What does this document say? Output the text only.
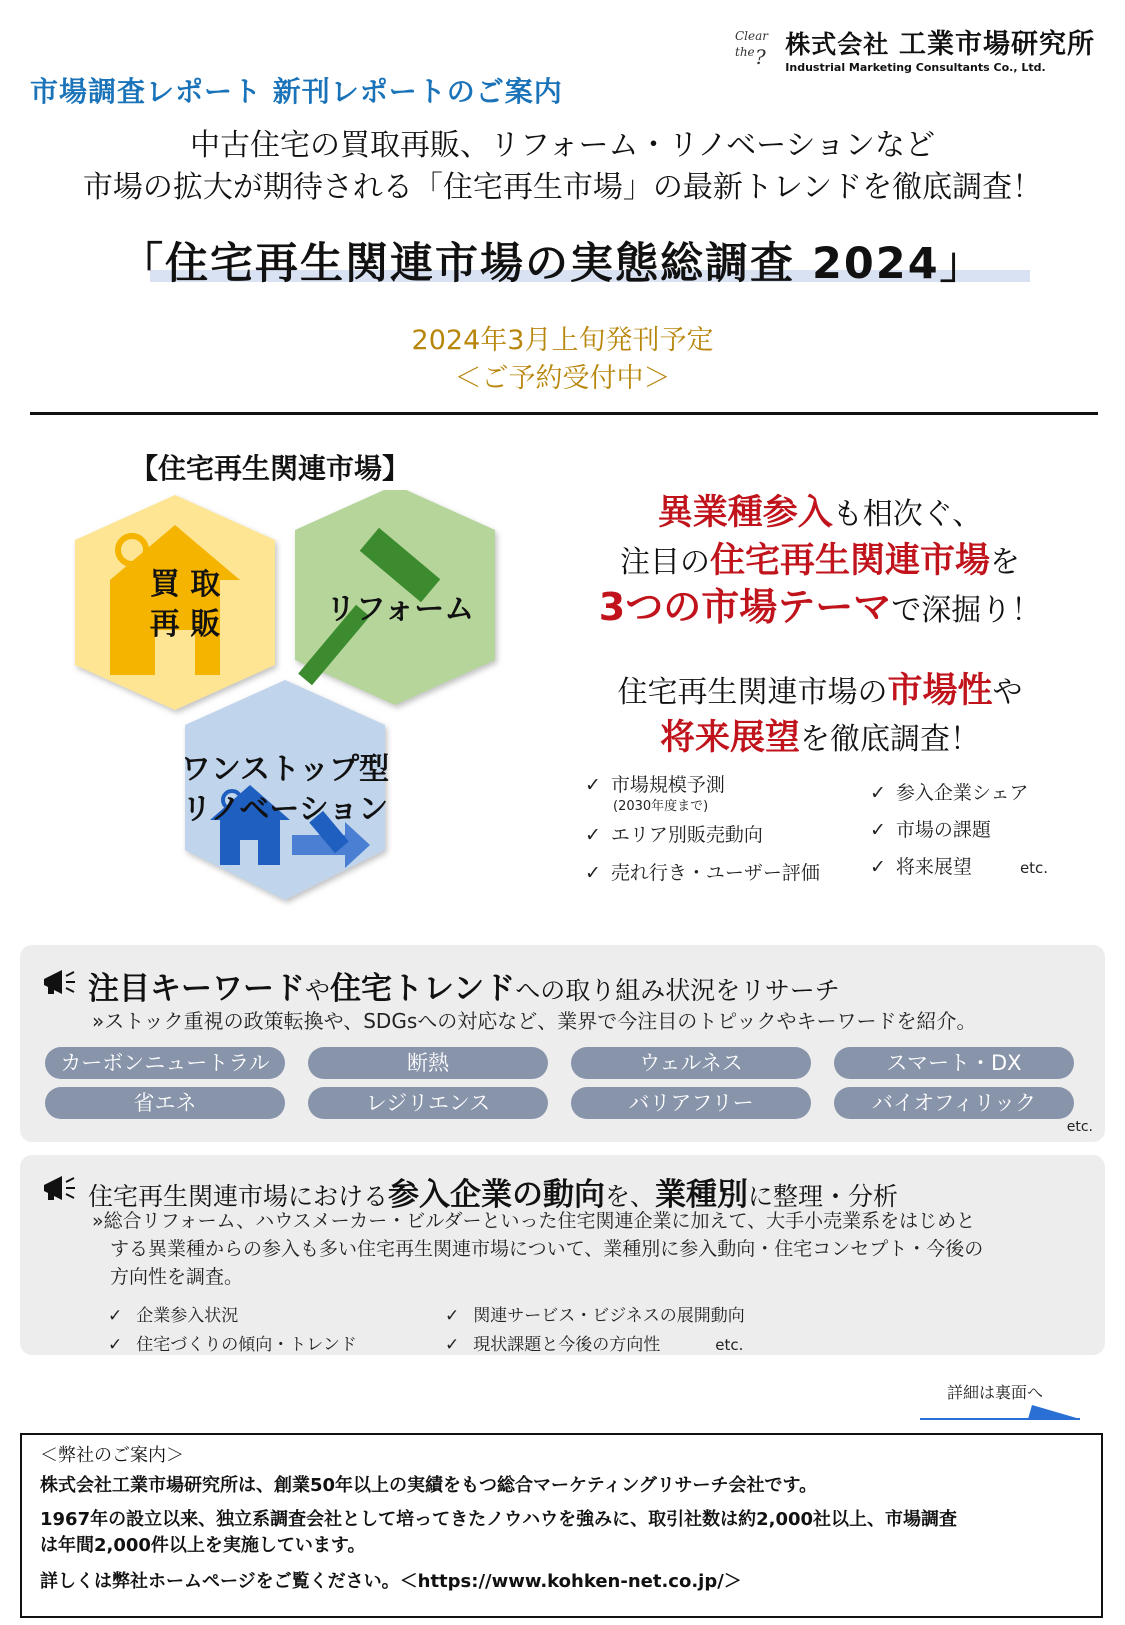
Clear
the ? 株式会社 工業市場研究所
Industrial Marketing Consultants Co., Ltd.
市場調査レポート 新刊レポートのご案内
中古住宅の買取再販、リフォーム・リノベーションなど
市場の拡大が期待される「住宅再生市場」の最新トレンドを徹底調査！
「住宅再生関連市場の実態総調査 2024」
2024年3月上旬発刊予定
＜ご予約受付中＞
【住宅再生関連市場】
買 取
再 販	リフォーム
ワンストップ型
リノベーション
異業種参入も相次ぐ、
注目の住宅再生関連市場を
3つの市場テーマで深掘り！
住宅再生関連市場の市場性や
将来展望を徹底調査！
✓ 市場規模予測
(2030年度まで)
✓ エリア別販売動向
✓ 売れ行き・ユーザー評価
✓ 参入企業シェア
✓ 市場の課題
✓ 将来展望	etc.
注目キーワードや住宅トレンドへの取り組み状況をリサーチ
»ストック重視の政策転換や、SDGsへの対応など、業界で今注目のトピックやキーワードを紹介。
カーボンニュートラル	断熱	ウェルネス	スマート・DX
省エネ	レジリエンス	バリアフリー	バイオフィリック
etc.
住宅再生関連市場における参入企業の動向を、業種別に整理・分析
»総合リフォーム、ハウスメーカー・ビルダーといった住宅関連企業に加えて、大手小売業系をはじめと
する異業種からの参入も多い住宅再生関連市場について、業種別に参入動向・住宅コンセプト・今後の
方向性を調査。
✓ 企業参入状況	✓ 関連サービス・ビジネスの展開動向
✓ 住宅づくりの傾向・トレンド	✓ 現状課題と今後の方向性	etc.
詳細は裏面へ
＜弊社のご案内＞
株式会社工業市場研究所は、創業50年以上の実績をもつ総合マーケティングリサーチ会社です。
1967年の設立以来、独立系調査会社として培ってきたノウハウを強みに、取引社数は約2,000社以上、市場調査
は年間2,000件以上を実施しています。
詳しくは弊社ホームページをご覧ください。＜https://www.kohken-net.co.jp/＞
